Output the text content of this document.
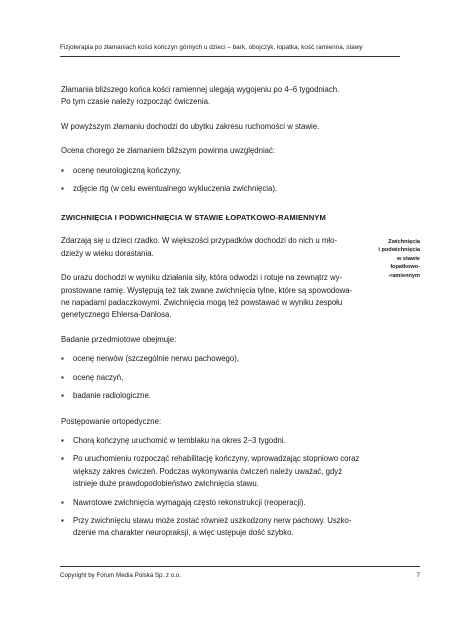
Fizjoterapia po złamaniach kości kończyn górnych u dzieci – bark, obojczyk, łopatka, kość ramienna, stawy

Złamania bliższego końca kości ramiennej ulegają wygojeniu po 4–6 tygodniach.
Po tym czasie należy rozpocząć ćwiczenia.

W powyższym złamaniu dochodzi do ubytku zakresu ruchomości w stawie.

Ocena chorego ze złamaniem bliższym powinna uwzględniać:

▪ ocenę neurologiczną kończyny,
▪ zdjęcie rtg (w celu ewentualnego wykluczenia zwichnięcia).

ZWICHNIĘCIA I PODWICHNIĘCIA W STAWIE ŁOPATKOWO-RAMIENNYM

Zdarzają się u dzieci rzadko. W większości przypadków dochodzi do nich u mło-
dzieży w wieku dorastania.

Do urazu dochodzi w wyniku działania siły, która odwodzi i rotuje na zewnątrz wy-
prostowane ramię. Występują też tak zwane zwichnięcia tylne, które są spowodowa-
ne napadami padaczkowymi. Zwichnięcia mogą też powstawać w wyniku zespołu
genetycznego Ehlersa-Danlosa.

Badanie przedmiotowe obejmuje:

▪ ocenę nerwów (szczególnie nerwu pachowego),
▪ ocenę naczyń,
▪ badanie radiologiczne.

Postępowanie ortopedyczne:

▪ Chorą kończynę uruchomić w temblaku na okres 2–3 tygodni.
▪ Po uruchomieniu rozpocząć rehabilitację kończyny, wprowadzając stopniowo coraz większy zakres ćwiczeń. Podczas wykonywania ćwiczeń należy uważać, gdyż istnieje duże prawdopodobieństwo zwichnięcia stawu.
▪ Nawrotowe zwichnięcia wymagają często rekonstrukcji (reoperacji).
▪ Przy zwichnięciu stawu może zostać również uszkodzony nerw pachowy. Uszko-dzenie ma charakter neuropraksji, a więc ustępuje dość szybko.
Zwichnięcia
i podwichnięcia
w stawie
łopatkowo-
-ramiennym
Copyright by Forum Media Polska Sp. z o.o.	7
